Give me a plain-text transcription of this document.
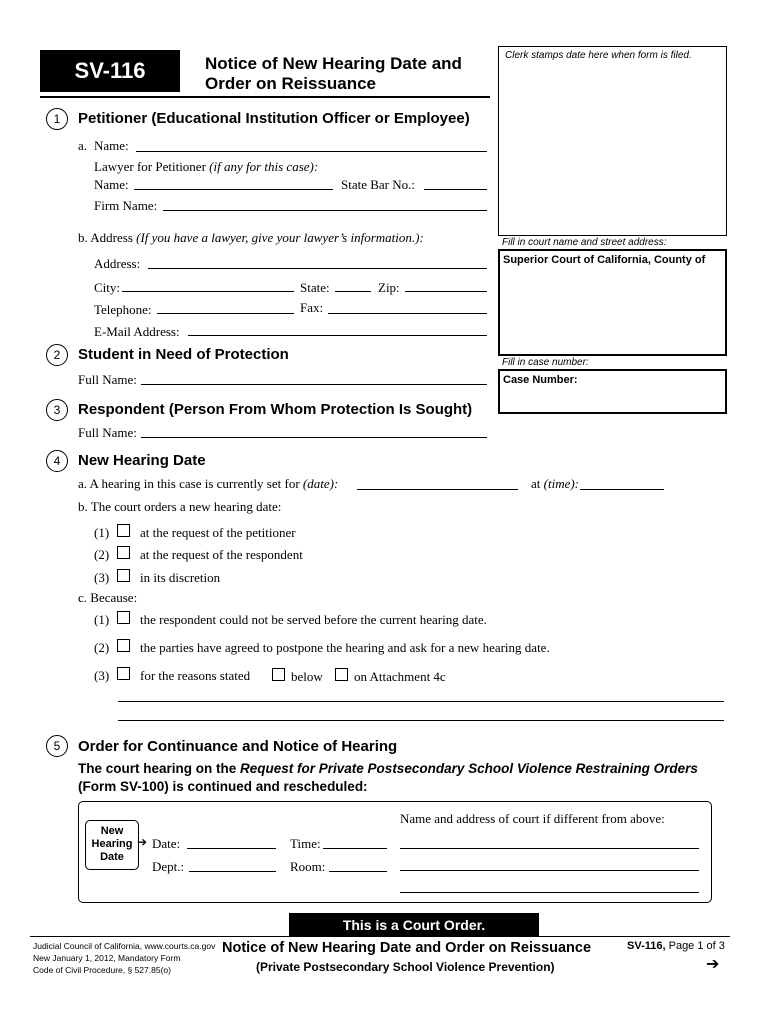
SV-116	Notice of New Hearing Date and
Order on Reissuance
Clerk stamps date here when form is filed.
Fill in court name and street address:
Superior Court of California, County of
Fill in case number:
Case Number:
1	Petitioner (Educational Institution Officer or Employee)
a. Name:
Lawyer for Petitioner (if any for this case):
Name:	State Bar No.:
Firm Name:
b. Address (If you have a lawyer, give your lawyer’s information.):
Address:
City:	State:	Zip:
Telephone:	Fax:
E-Mail Address:
2	Student in Need of Protection
Full Name:
3	Respondent (Person From Whom Protection Is Sought)
Full Name:
4	New Hearing Date
a. A hearing in this case is currently set for (date):	at (time):
b. The court orders a new hearing date:
(1) at the request of the petitioner
(2) at the request of the respondent
(3) in its discretion
c. Because:
(1) the respondent could not be served before the current hearing date.
(2) the parties have agreed to postpone the hearing and ask for a new hearing date.
(3) for the reasons stated	below on Attachment 4c
5	Order for Continuance and Notice of Hearing
The court hearing on the Request for Private Postsecondary School Violence Restraining Orders
(Form SV-100) is continued and rescheduled:
New
Hearing
Date
➔ Date:	Time:
Dept.:	Room:
Name and address of court if different from above:
This is a Court Order.
Judicial Council of California, www.courts.ca.gov
New January 1, 2012, Mandatory Form
Code of Civil Procedure, § 527.85(o)
Notice of New Hearing Date and Order on Reissuance
(Private Postsecondary School Violence Prevention)
SV-116, Page 1 of 3
➔
